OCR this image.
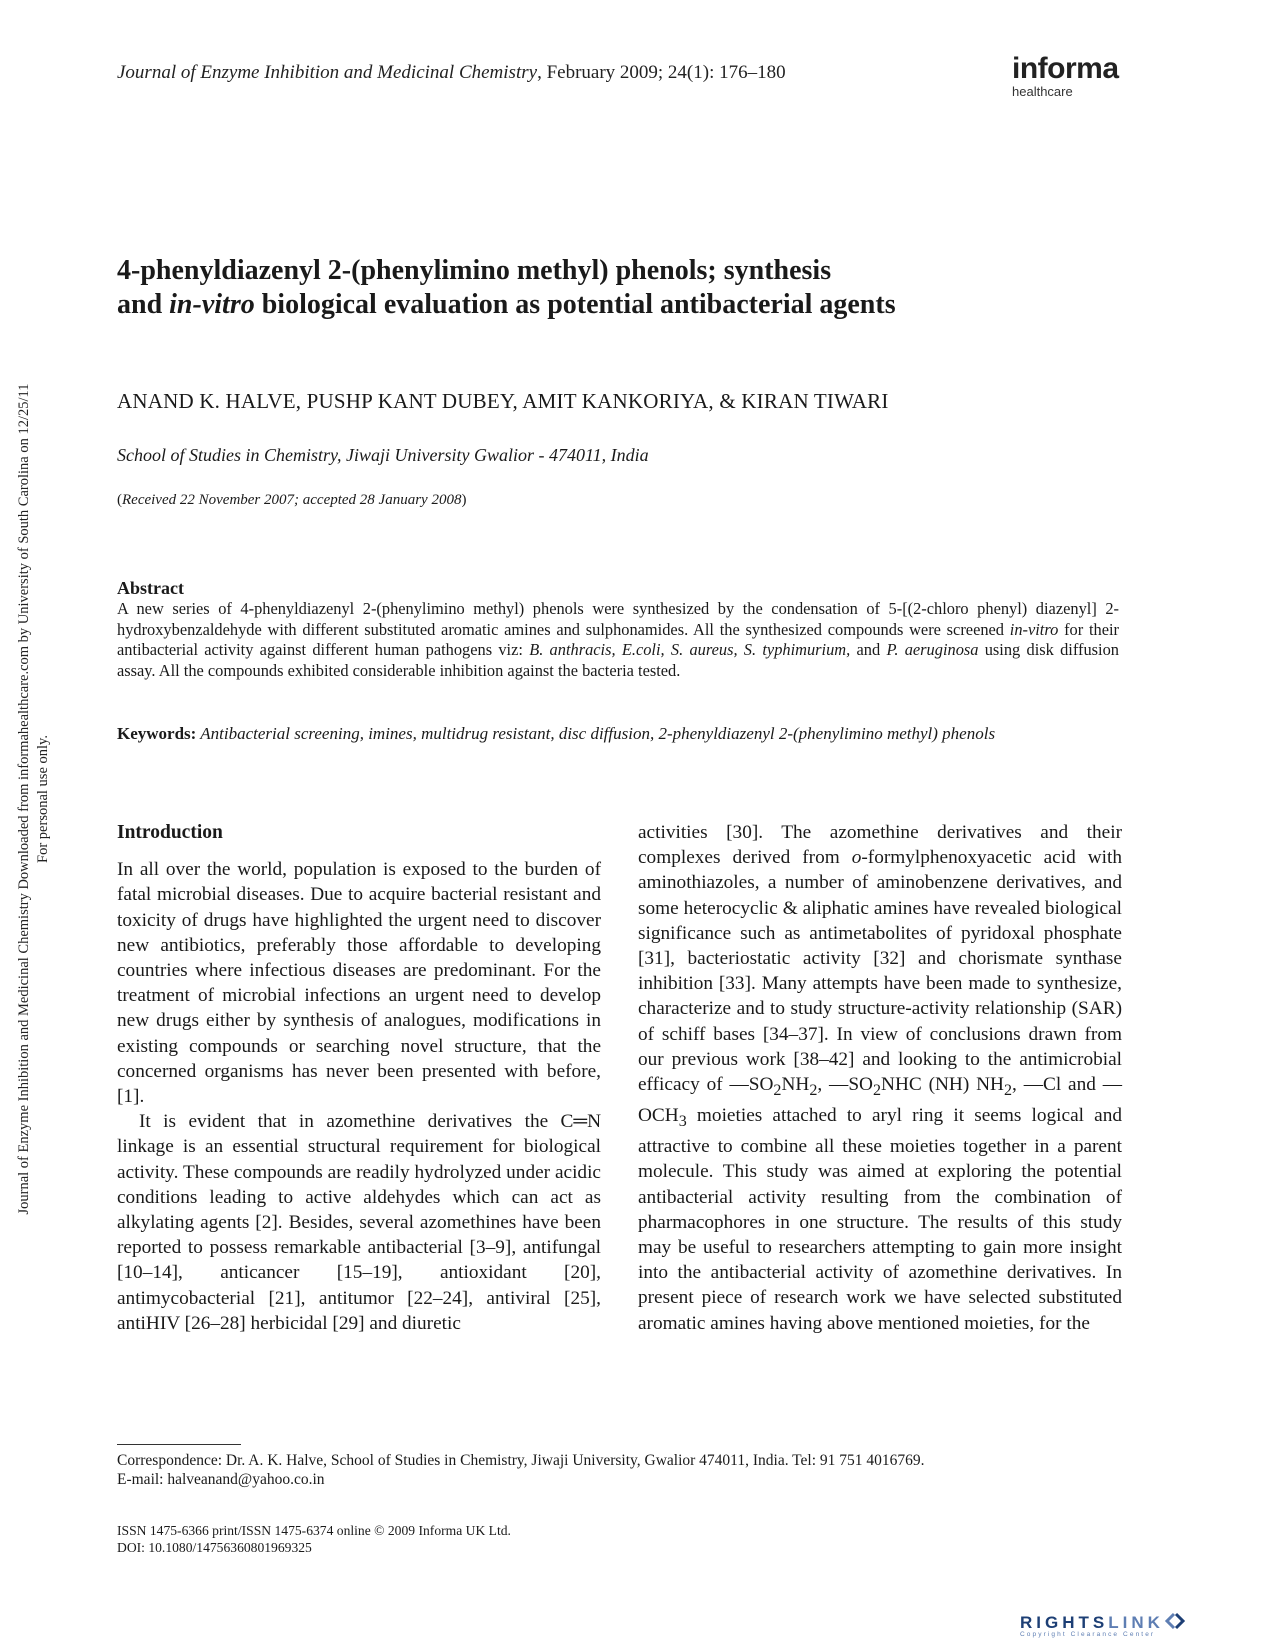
Journal of Enzyme Inhibition and Medicinal Chemistry, February 2009; 24(1): 176–180	informa
healthcare
Journal of Enzyme Inhibition and Medicinal Chemistry Downloaded from informahealthcare.com by University of South Carolina on 12/25/11 For personal use only.
4-phenyldiazenyl 2-(phenylimino methyl) phenols; synthesis
and in-vitro biological evaluation as potential antibacterial agents
ANAND K. HALVE, PUSHP KANT DUBEY, AMIT KANKORIYA, & KIRAN TIWARI
School of Studies in Chemistry, Jiwaji University Gwalior - 474011, India
(Received 22 November 2007; accepted 28 January 2008)
Abstract
A new series of 4-phenyldiazenyl 2-(phenylimino methyl) phenols were synthesized by the condensation of 5-[(2-chloro phenyl) diazenyl] 2-hydroxybenzaldehyde with different substituted aromatic amines and sulphonamides. All the synthesized compounds were screened in-vitro for their antibacterial activity against different human pathogens viz: B. anthracis, E.coli, S. aureus, S. typhimurium, and P. aeruginosa using disk diffusion assay. All the compounds exhibited considerable inhibition against the bacteria tested.
Keywords: Antibacterial screening, imines, multidrug resistant, disc diffusion, 2-phenyldiazenyl 2-(phenylimino methyl) phenols

Introduction

In all over the world, population is exposed to the burden of fatal microbial diseases. Due to acquire bacterial resistant and toxicity of drugs have highlighted the urgent need to discover new antibiotics, preferably those affordable to developing countries where infectious diseases are predominant. For the treatment of microbial infections an urgent need to develop new drugs either by synthesis of analogues, modifications in existing compounds or searching novel structure, that the concerned organisms has never been presented with before, [1].

It is evident that in azomethine derivatives the C═N linkage is an essential structural requirement for biological activity. These compounds are readily hydrolyzed under acidic conditions leading to active aldehydes which can act as alkylating agents [2]. Besides, several azomethines have been reported to possess remarkable antibacterial [3–9], antifungal [10–14], anticancer [15–19], antioxidant [20], antimycobacterial [21], antitumor [22–24], antiviral [25], antiHIV [26–28] herbicidal [29] and diuretic

activities [30]. The azomethine derivatives and their complexes derived from o-formylphenoxyacetic acid with aminothiazoles, a number of aminobenzene derivatives, and some heterocyclic & aliphatic amines have revealed biological significance such as antimetabolites of pyridoxal phosphate [31], bacteriostatic activity [32] and chorismate synthase inhibition [33]. Many attempts have been made to synthesize, characterize and to study structure-activity relationship (SAR) of schiff bases [34–37]. In view of conclusions drawn from our previous work [38–42] and looking to the antimicrobial efficacy of $—SO_2NH_2$, $—SO_2NHC$ (NH) $NH_2$, —Cl and $—OCH_3$ moieties attached to aryl ring it seems logical and attractive to combine all these moieties together in a parent molecule. This study was aimed at exploring the potential antibacterial activity resulting from the combination of pharmacophores in one structure. The results of this study may be useful to researchers attempting to gain more insight into the antibacterial activity of azomethine derivatives. In present piece of research work we have selected substituted aromatic amines having above mentioned moieties, for the

Correspondence: Dr. A. K. Halve, School of Studies in Chemistry, Jiwaji University, Gwalior 474011, India. Tel: 91 751 4016769.
E-mail: halveanand@yahoo.co.in
ISSN 1475-6366 print/ISSN 1475-6374 online © 2009 Informa UK Ltd.
DOI: 10.1080/14756360801969325
RIGHTSLINK
Copyright Clearance Center
